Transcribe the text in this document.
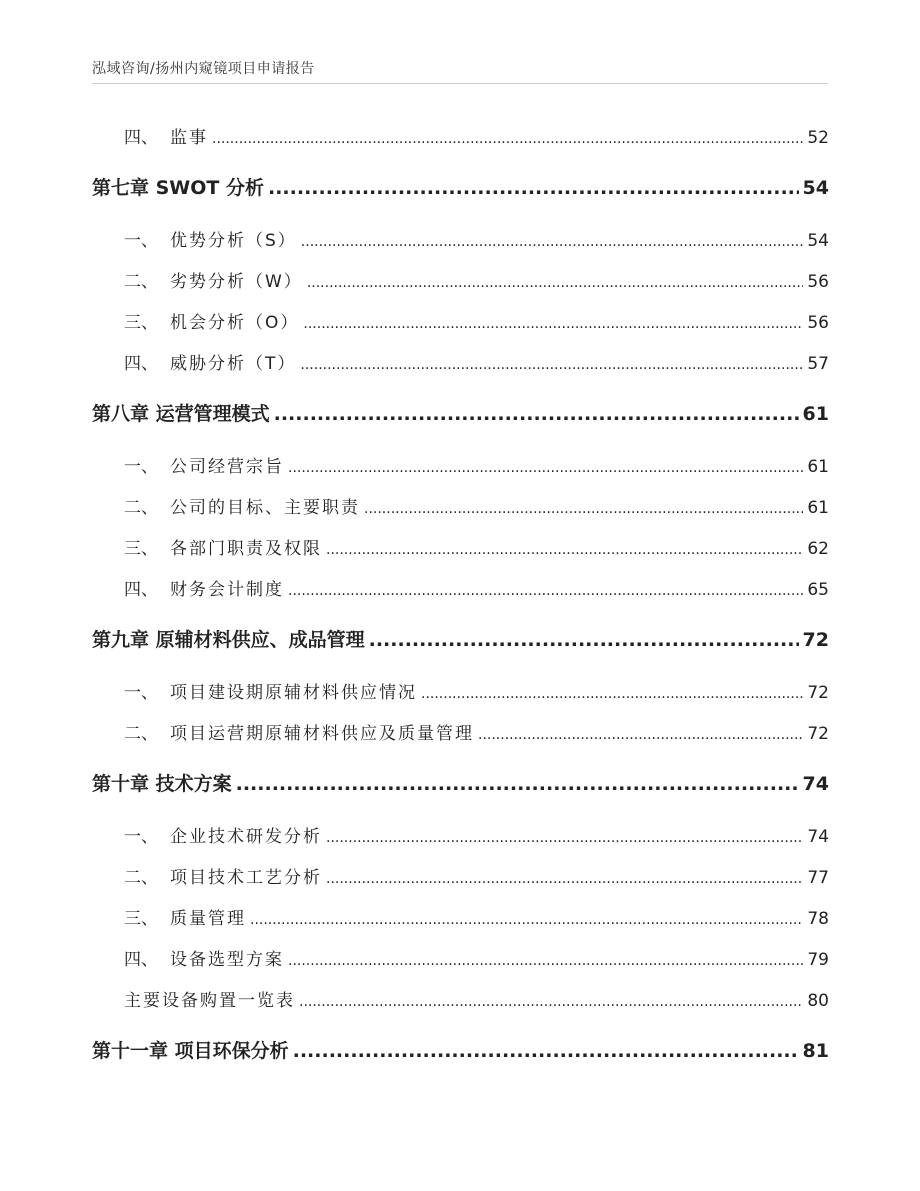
泓域咨询/扬州内窥镜项目申请报告
四、 监事 .....	52
第七章 SWOT 分析 .....	54
一、 优势分析（S） .....	54
二、 劣势分析（W） .....	56
三、 机会分析（O） .....	56
四、 威胁分析（T） .....	57
第八章 运营管理模式 .....	61
一、 公司经营宗旨 .....	61
二、 公司的目标、主要职责 .....	61
三、 各部门职责及权限 .....	62
四、 财务会计制度 .....	65
第九章 原辅材料供应、成品管理 .....	72
一、 项目建设期原辅材料供应情况 .....	72
二、 项目运营期原辅材料供应及质量管理 .....	72
第十章 技术方案 .....	74
一、 企业技术研发分析 .....	74
二、 项目技术工艺分析 .....	77
三、 质量管理 .....	78
四、 设备选型方案 .....	79
主要设备购置一览表 .....	80
第十一章 项目环保分析 .....	81
